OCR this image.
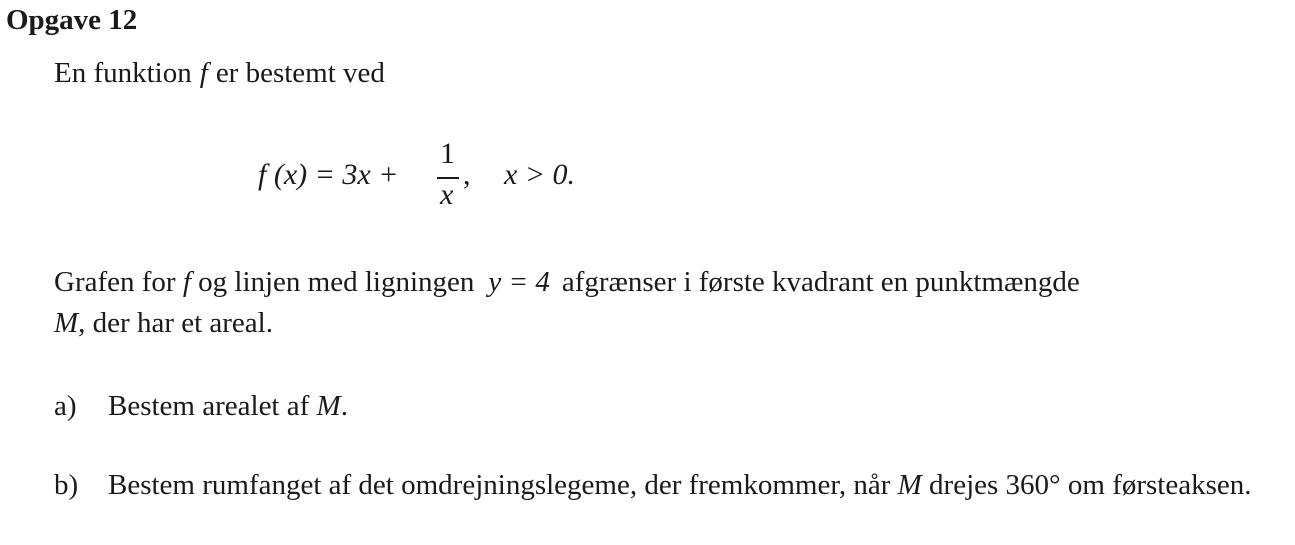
Opgave 12
En funktion f er bestemt ved
f (x) = 3x +
1
x
, x > 0.
Grafen for f og linjen med ligningen y = 4 afgrænser i første kvadrant en punktmængde
M, der har et areal.
a) Bestem arealet af M.
b) Bestem rumfanget af det omdrejningslegeme, der fremkommer, når M drejes 360° om førsteaksen.
